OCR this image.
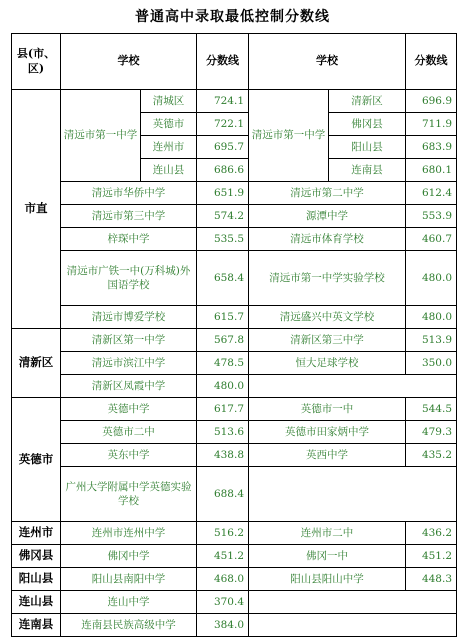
普通高中录取最低控制分数线
县(市、区)	学校		分数线	学校		分数线
市直	清远市第一中学	清城区	724.1	清远市第一中学	清新区	696.9
		英德市	722.1		佛冈县	711.9
		连州市	695.7		阳山县	683.9
		连山县	686.6		连南县	680.1
	清远市华侨中学		651.9	清远市第二中学		612.4
	清远市第三中学		574.2	源潭中学		553.9
	梓琛中学		535.5	清远市体育学校		460.7
	清远市广铁一中(万科城)外国语学校		658.4	清远市第一中学实验学校		480.0
	清远市博爱学校		615.7	清远盛兴中英文学校		480.0
清新区	清新区第一中学		567.8	清新区第三中学		513.9
	清远市滨江中学		478.5	恒大足球学校		350.0
	清新区凤霞中学		480.0			
英德市	英德中学		617.7	英德市一中		544.5
	英德市二中		513.6	英德市田家炳中学		479.3
	英东中学		438.8	英西中学		435.2
	广州大学附属中学英德实验学校		688.4			
连州市	连州市连州中学		516.2	连州市二中		436.2
佛冈县	佛冈中学		451.2	佛冈一中		451.2
阳山县	阳山县南阳中学		468.0	阳山县阳山中学		448.3
连山县	连山中学		370.4			
连南县	连南县民族高级中学		384.0			
